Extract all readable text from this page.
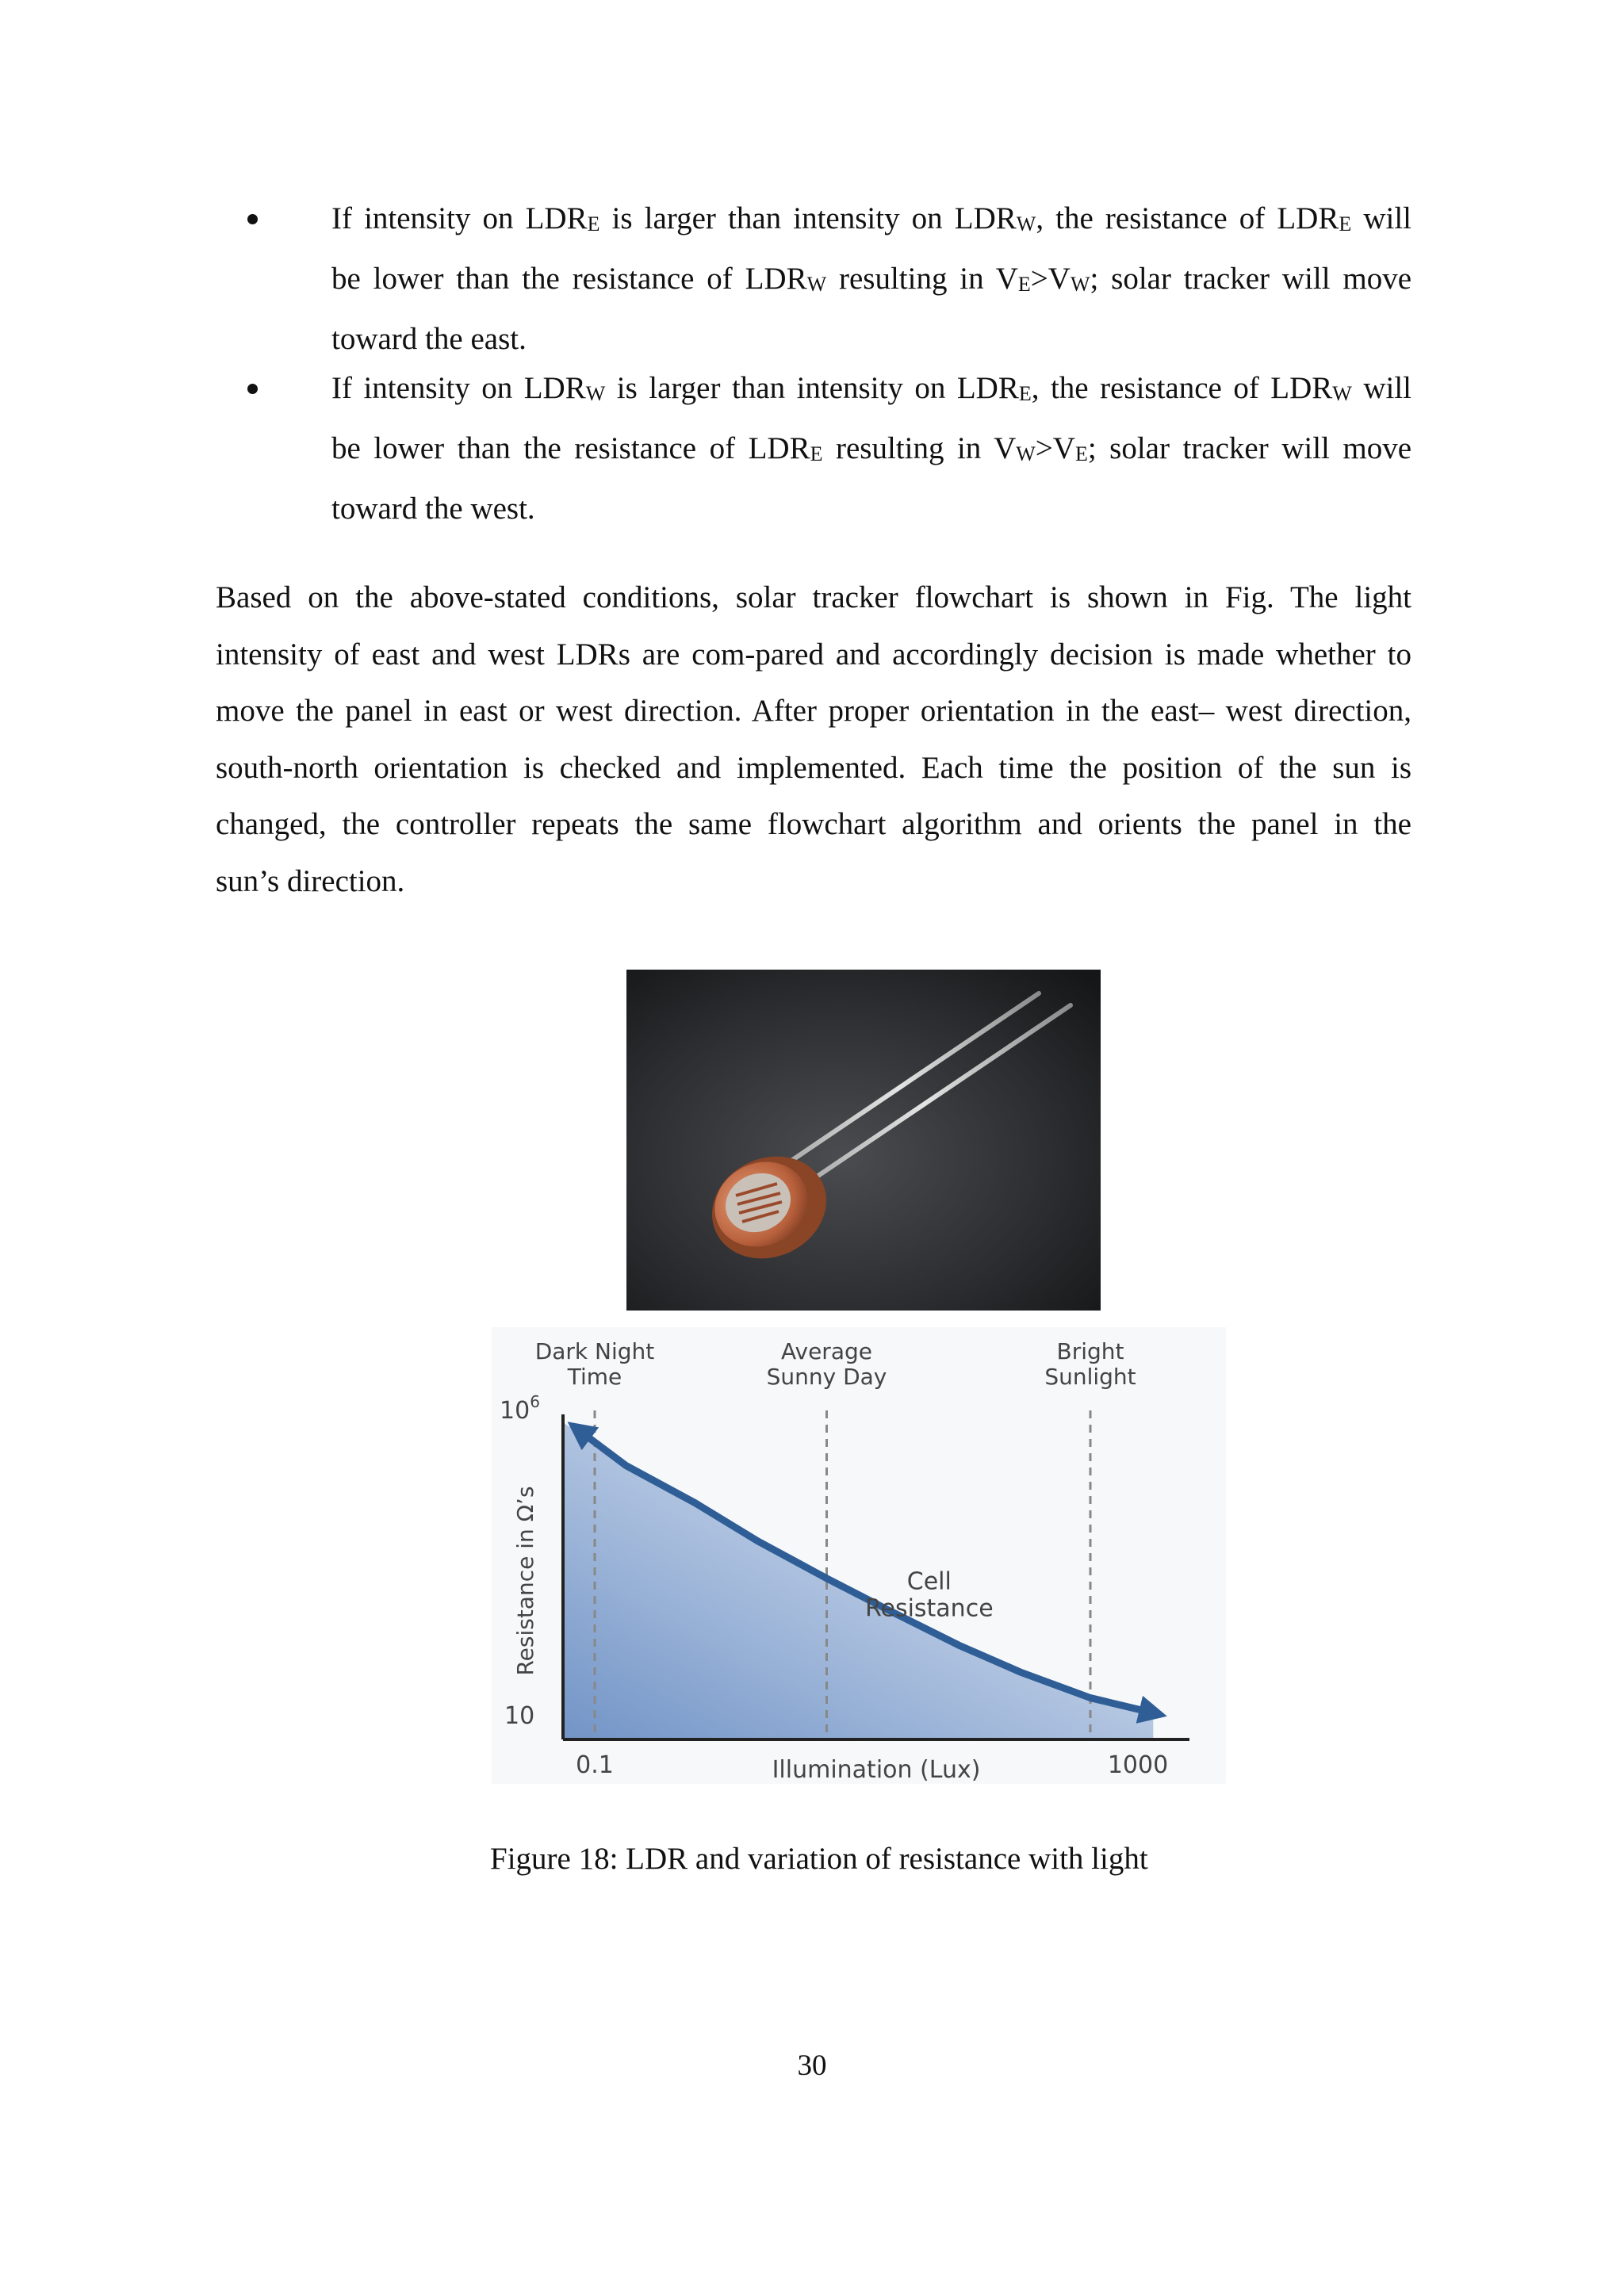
If intensity on $LDR_E$ is larger than intensity on $LDR_W$, the resistance of $LDR_E$ will
be lower than the resistance of $LDR_W$ resulting in $V_E>V_W$; solar tracker will move
toward the east.
If intensity on $LDR_W$ is larger than intensity on $LDR_E$, the resistance of $LDR_W$ will
be lower than the resistance of $LDR_E$ resulting in $V_W>V_E$; solar tracker will move
toward the west.
Based on the above-stated conditions, solar tracker flowchart is shown in Fig. The light
intensity of east and west LDRs are com-pared and accordingly decision is made whether to
move the panel in east or west direction. After proper orientation in the east– west direction,
south-north orientation is checked and implemented. Each time the position of the sun is
changed, the controller repeats the same flowchart algorithm and orients the panel in the
sun’s direction.
Dark Night
Time
Average
Sunny Day
Bright
Sunlight
Cell
Resistance
$10^6$
10
0.1	1000
Illumination (Lux)
Resistance in Ω’s
Figure 18: LDR and variation of resistance with light
30
